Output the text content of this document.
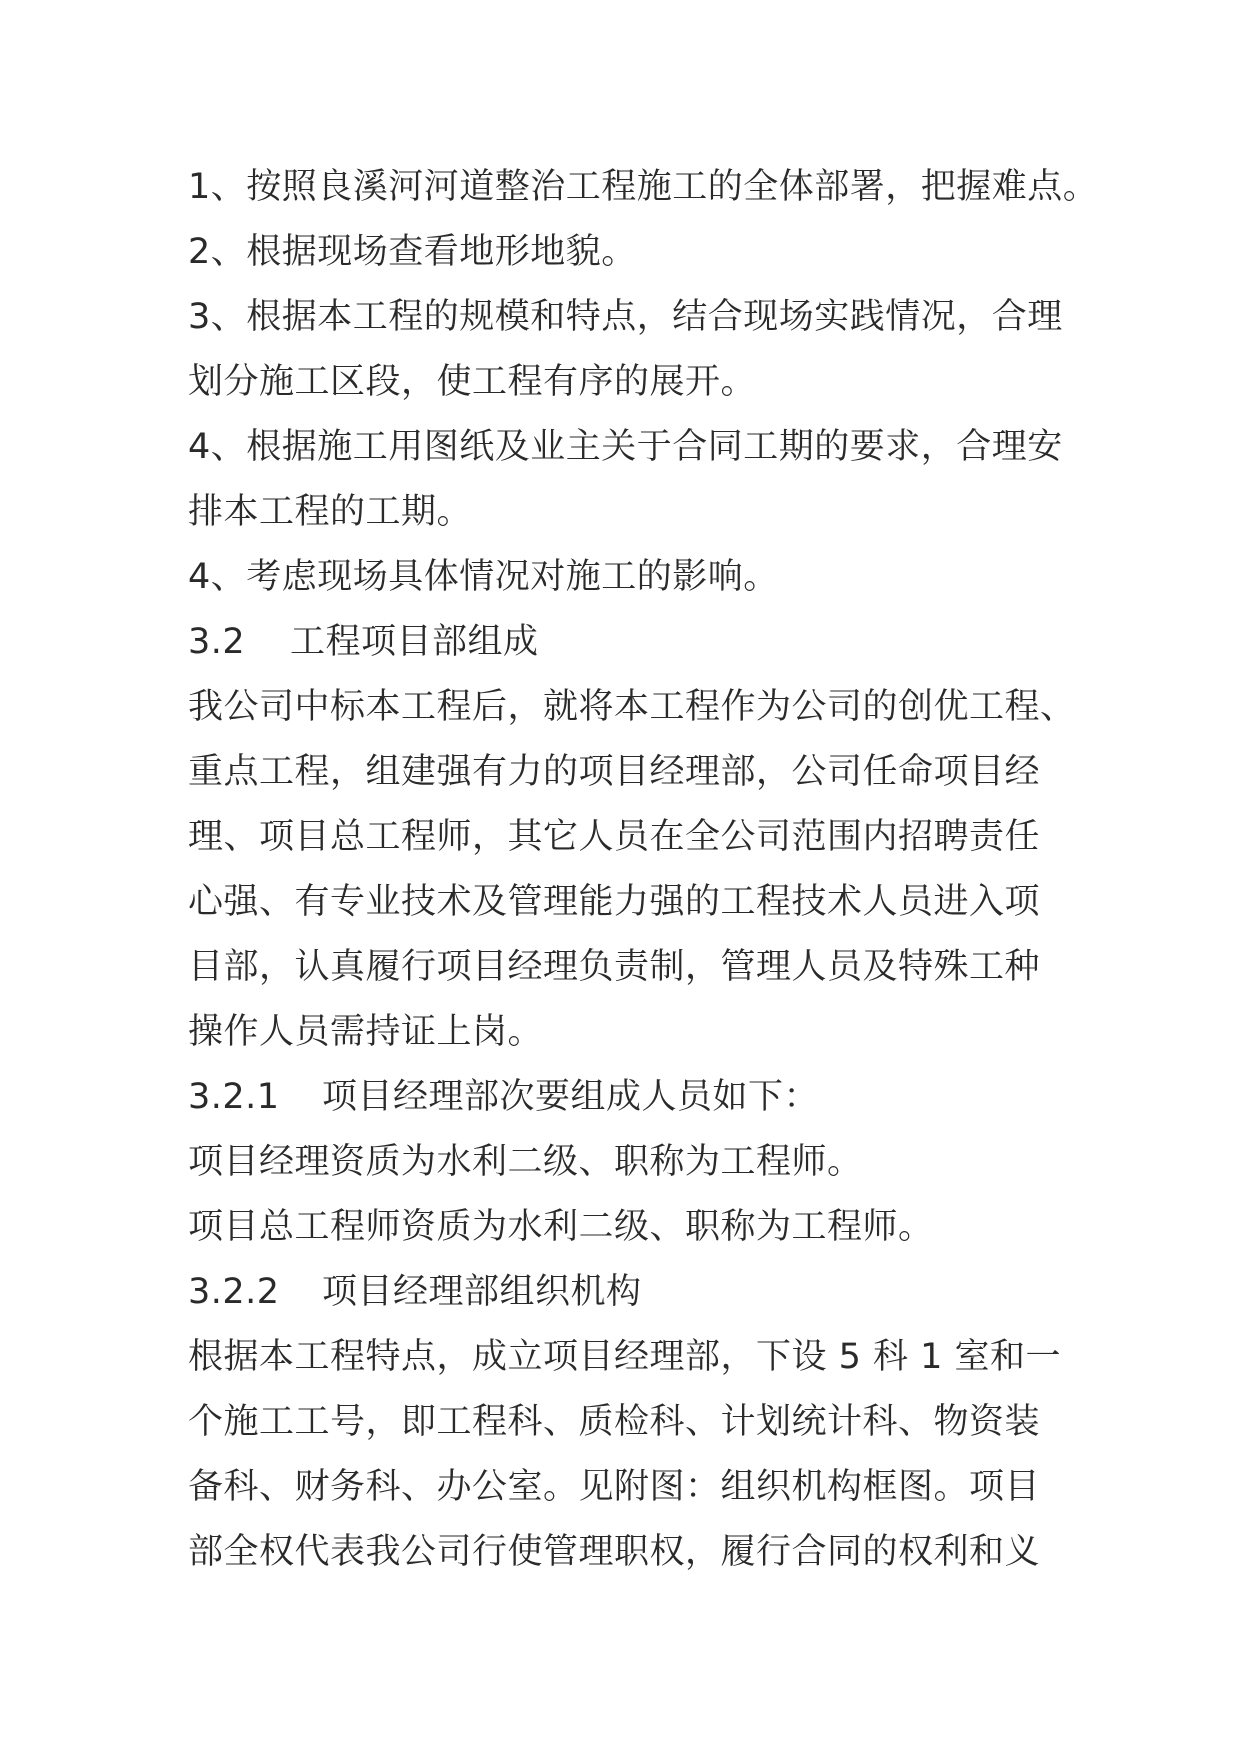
1、按照良溪河河道整治工程施工的全体部署，把握难点。

2、根据现场查看地形地貌。

3、根据本工程的规模和特点，结合现场实践情况，合理

划分施工区段，使工程有序的展开。

4、根据施工用图纸及业主关于合同工期的要求，合理安

排本工程的工期。

4、考虑现场具体情况对施工的影响。

3.2 工程项目部组成

我公司中标本工程后，就将本工程作为公司的创优工程、

重点工程，组建强有力的项目经理部，公司任命项目经

理、项目总工程师，其它人员在全公司范围内招聘责任

心强、有专业技术及管理能力强的工程技术人员进入项

目部，认真履行项目经理负责制，管理人员及特殊工种

操作人员需持证上岗。

3.2.1 项目经理部次要组成人员如下：

项目经理资质为水利二级、职称为工程师。

项目总工程师资质为水利二级、职称为工程师。

3.2.2 项目经理部组织机构

根据本工程特点，成立项目经理部，下设 5 科 1 室和一

个施工工号，即工程科、质检科、计划统计科、物资装

备科、财务科、办公室。见附图：组织机构框图。项目

部全权代表我公司行使管理职权，履行合同的权利和义
